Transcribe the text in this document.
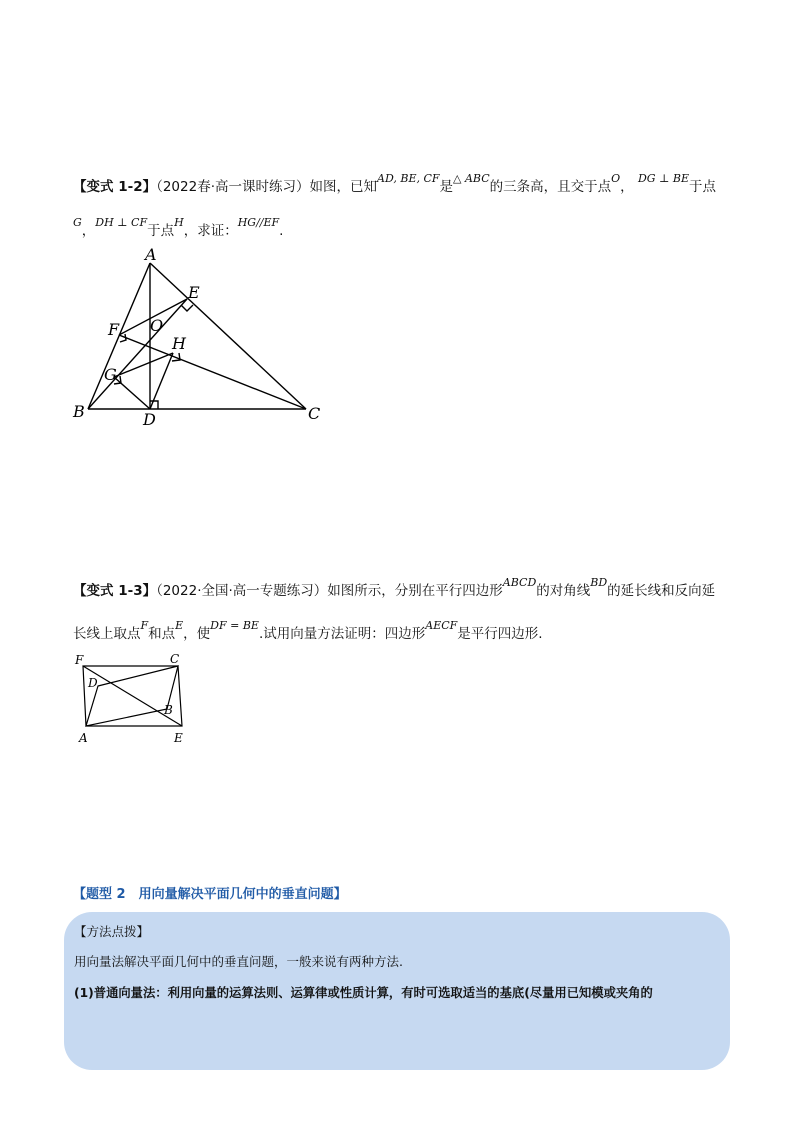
【变式 1-2】（2022春·高一课时练习）如图，已知$^{AD, BE, CF}$是$^{\triangle ABC}$的三条高，且交于点$^O$， $^{DG \perp BE}$于点
$^G$，$^{DH \perp CF}$于点$^H$，求证：$^{HG//EF}$.
A
B	C
D
E
F O
G
H
【变式 1-3】（2022·全国·高一专题练习）如图所示，分别在平行四边形$^{ABCD}$的对角线$^{BD}$的延长线和反向延
长线上取点$^F$和点$^E$，使$^{DF = BE}$.试用向量方法证明：四边形$^{AECF}$是平行四边形.
F	C
D
B
A	E
【题型 2　用向量解决平面几何中的垂直问题】
【方法点拨】
用向量法解决平面几何中的垂直问题，一般来说有两种方法.
(1)普通向量法：利用向量的运算法则、运算律或性质计算，有时可选取适当的基底(尽量用已知模或夹角的
